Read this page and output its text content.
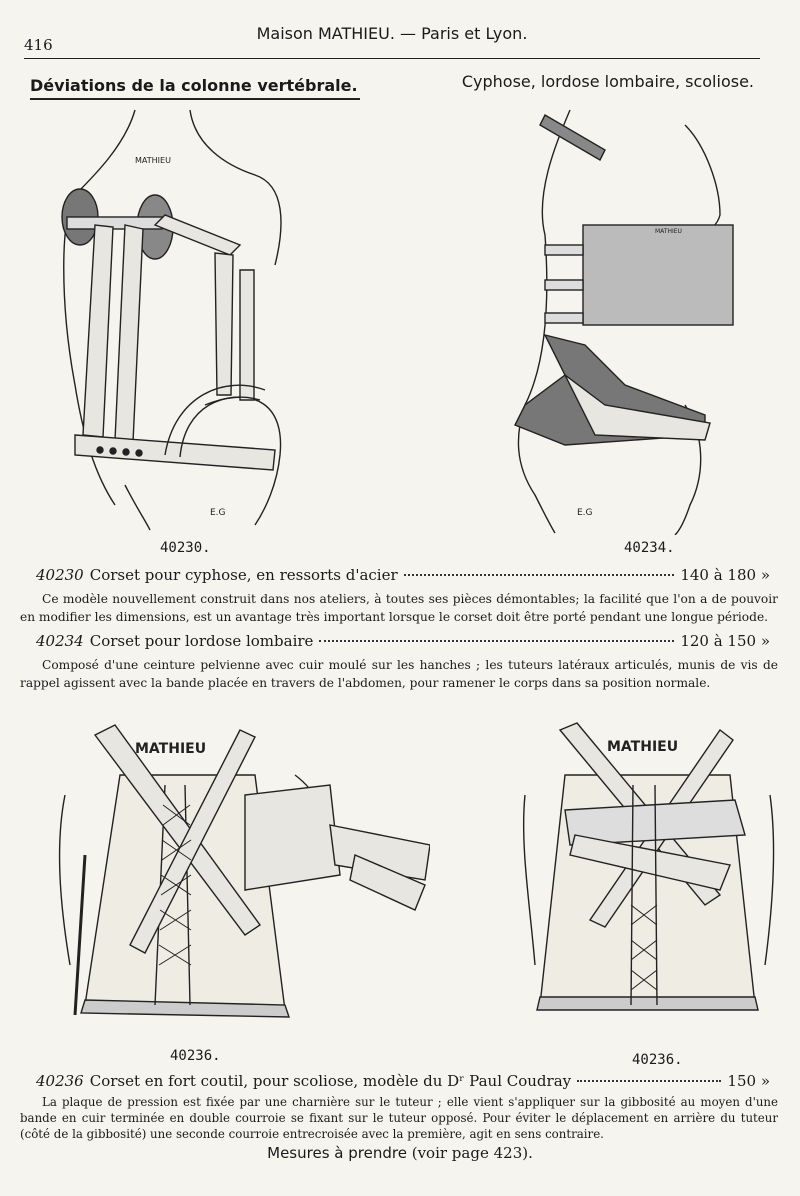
416
Maison MATHIEU. — Paris et Lyon.
Déviations de la colonne vertébrale.	Cyphose, lordose lombaire, scoliose.
MATHIEU
E.G
40230.
MATHIEU
E.G
40234.
40230 Corset pour cyphose, en ressorts d'acier	140 à 180 »
Ce modèle nouvellement construit dans nos ateliers, à toutes ses pièces démontables; la facilité que l'on a de pouvoir en modifier les dimensions, est un avantage très important lorsque le corset doit être porté pendant une longue période.
40234 Corset pour lordose lombaire	120 à 150 »
Composé d'une ceinture pelvienne avec cuir moulé sur les hanches ; les tuteurs latéraux articulés, munis de vis de rappel agissent avec la bande placée en travers de l'abdomen, pour ramener le corps dans sa position normale.
MATHIEU
40236.
MATHIEU
40236.
40236 Corset en fort coutil, pour scoliose, modèle du Dʳ Paul Coudray	150 »
La plaque de pression est fixée par une charnière sur le tuteur ; elle vient s'appliquer sur la gibbosité au moyen d'une bande en cuir terminée en double courroie se fixant sur le tuteur opposé. Pour éviter le déplacement en arrière du tuteur (côté de la gibbosité) une seconde courroie entrecroisée avec la première, agit en sens contraire.
Mesures à prendre (voir page 423).
